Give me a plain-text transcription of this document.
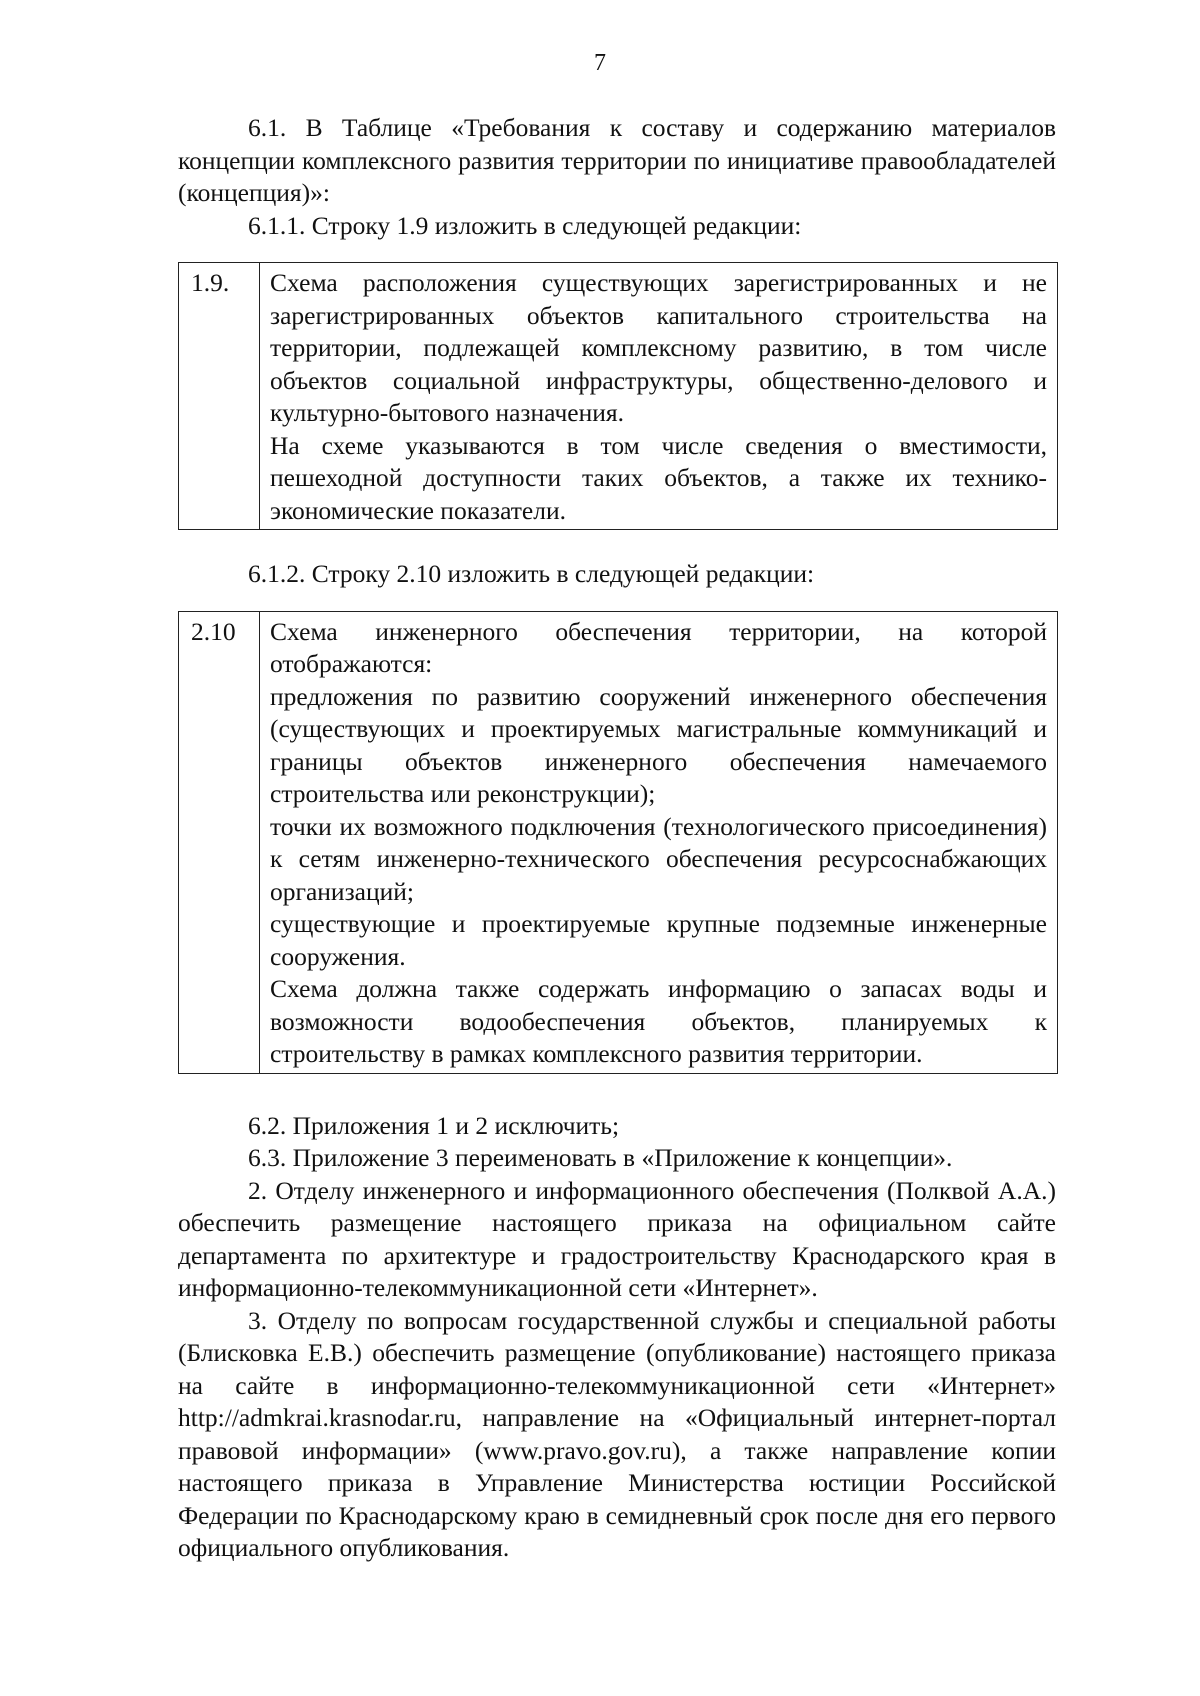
7

6.1. В Таблице «Требования к составу и содержанию материалов концепции комплексного развития территории по инициативе правообладателей (концепция)»:

6.1.1. Строку 1.9 изложить в следующей редакции:

1.9.	Схема расположения существующих зарегистрированных и не зарегистрированных объектов капитального строительства на территории, подлежащей комплексному развитию, в том числе объектов социальной инфраструктуры, общественно-делового и культурно-бытового назначения.

На схеме указываются в том числе сведения о вместимости, пешеходной доступности таких объектов, а также их технико-экономические показатели.

6.1.2. Строку 2.10 изложить в следующей редакции:

2.10	Схема инженерного обеспечения территории, на которой отображаются:

предложения по развитию сооружений инженерного обеспечения (существующих и проектируемых магистральные коммуникаций и границы объектов инженерного обеспечения намечаемого строительства или реконструкции);

точки их возможного подключения (технологического присоединения) к сетям инженерно-технического обеспечения ресурсоснабжающих организаций;

существующие и проектируемые крупные подземные инженерные сооружения.

Схема должна также содержать информацию о запасах воды и возможности водообеспечения объектов, планируемых к строительству в рамках комплексного развития территории.

6.2. Приложения 1 и 2 исключить;

6.3. Приложение 3 переименовать в «Приложение к концепции».

2. Отделу инженерного и информационного обеспечения (Полквой А.А.) обеспечить размещение настоящего приказа на официальном сайте департамента по архитектуре и градостроительству Краснодарского края в информационно-телекоммуникационной сети «Интернет».

3. Отделу по вопросам государственной службы и специальной работы (Блисковка Е.В.) обеспечить размещение (опубликование) настоящего приказа на сайте в информационно-телекоммуникационной сети «Интернет» http://admkrai.krasnodar.ru, направление на «Официальный интернет-портал правовой информации» (www.pravo.gov.ru), а также направление копии настоящего приказа в Управление Министерства юстиции Российской Федерации по Краснодарскому краю в семидневный срок после дня его первого официального опубликования.
